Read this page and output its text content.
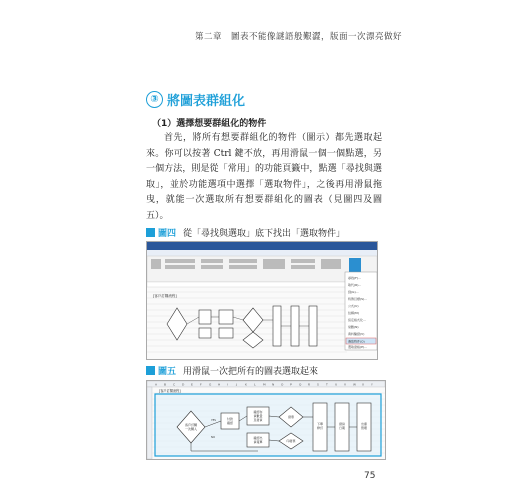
第二章　圖表不能像謎語般艱澀，版面一次漂亮做好
③ 將圖表群組化
（1）選擇想要群組化的物件
首先，將所有想要群組化的物件（圖示）都先選取起來。你可以按著 Ctrl 鍵不放，再用滑鼠一個一個點選，另一個方法，則是從「常用」的功能頁籤中，點選「尋找與選取」，並於功能選項中選擇「選取物件」，之後再用滑鼠拖曳，就能一次選取所有想要群組化的圖表（見圖四及圖五）。
圖四 從「尋找與選取」底下找出「選取物件」
[客戶訂購流程]
尋找(F)...
取代(R)...
到(G)...
特殊目標(S)...
公式(U)
註解(M)
設定格式化...
常數(N)
資料驗證(V)
選取物件(O)
選取窗格(P)...
圖五 用滑鼠一次把所有的圖表選取起來
A	B C D E F G H I	J	K	L M N O P Q R S	T U V	W X Y
[客戶訂購流程]
客戶訂購
一次購入
付款
確認
確認存
貨數量
及發貨
確認出
貨報單
發票
印發票
下單
修訂
發貨
日期
出庫
管理
YES
NO
75
